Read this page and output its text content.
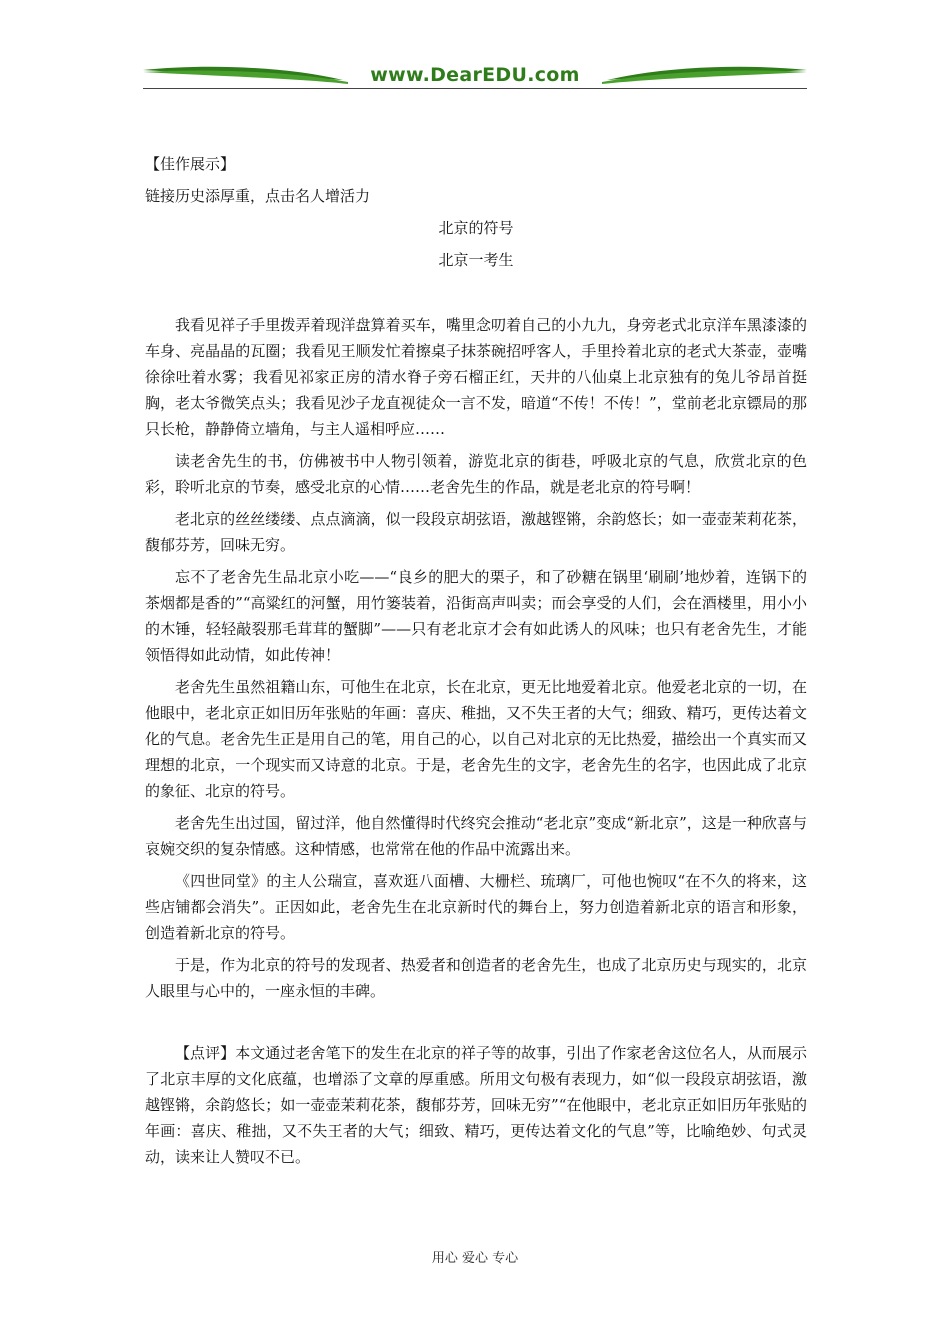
www.DearEDU.com

【佳作展示】

链接历史添厚重，点击名人增活力

北京的符号

北京一考生

我看见祥子手里拨弄着现洋盘算着买车，嘴里念叨着自己的小九九，身旁老式北京洋车黑漆漆的车身、亮晶晶的瓦圈；我看见王顺发忙着擦桌子抹茶碗招呼客人，手里拎着北京的老式大茶壶，壶嘴徐徐吐着水雾；我看见祁家正房的清水脊子旁石榴正红，天井的八仙桌上北京独有的兔儿爷昂首挺胸，老太爷微笑点头；我看见沙子龙直视徒众一言不发，暗道“不传！不传！”，堂前老北京镖局的那只长枪，静静倚立墙角，与主人遥相呼应……

读老舍先生的书，仿佛被书中人物引领着，游览北京的街巷，呼吸北京的气息，欣赏北京的色彩，聆听北京的节奏，感受北京的心情……老舍先生的作品，就是老北京的符号啊！

老北京的丝丝缕缕、点点滴滴，似一段段京胡弦语，激越铿锵，余韵悠长；如一壶壶茉莉花茶，馥郁芬芳，回味无穷。

忘不了老舍先生品北京小吃——“良乡的肥大的栗子，和了砂糖在锅里‘刷刷’地炒着，连锅下的茶烟都是香的”“高粱红的河蟹，用竹篓装着，沿街高声叫卖；而会享受的人们，会在酒楼里，用小小的木锤，轻轻敲裂那毛茸茸的蟹脚”——只有老北京才会有如此诱人的风味；也只有老舍先生，才能领悟得如此动情，如此传神！

老舍先生虽然祖籍山东，可他生在北京，长在北京，更无比地爱着北京。他爱老北京的一切，在他眼中，老北京正如旧历年张贴的年画：喜庆、稚拙，又不失王者的大气；细致、精巧，更传达着文化的气息。老舍先生正是用自己的笔，用自己的心，以自己对北京的无比热爱，描绘出一个真实而又理想的北京，一个现实而又诗意的北京。于是，老舍先生的文字，老舍先生的名字，也因此成了北京的象征、北京的符号。

老舍先生出过国，留过洋，他自然懂得时代终究会推动“老北京”变成“新北京”，这是一种欣喜与哀婉交织的复杂情感。这种情感，也常常在他的作品中流露出来。

《四世同堂》的主人公瑞宣，喜欢逛八面槽、大栅栏、琉璃厂，可他也惋叹“在不久的将来，这些店铺都会消失”。正因如此，老舍先生在北京新时代的舞台上，努力创造着新北京的语言和形象，创造着新北京的符号。

于是，作为北京的符号的发现者、热爱者和创造者的老舍先生，也成了北京历史与现实的，北京人眼里与心中的，一座永恒的丰碑。

【点评】本文通过老舍笔下的发生在北京的祥子等的故事，引出了作家老舍这位名人，从而展示了北京丰厚的文化底蕴，也增添了文章的厚重感。所用文句极有表现力，如“似一段段京胡弦语，激越铿锵，余韵悠长；如一壶壶茉莉花茶，馥郁芬芳，回味无穷”“在他眼中，老北京正如旧历年张贴的年画：喜庆、稚拙，又不失王者的大气；细致、精巧，更传达着文化的气息”等，比喻绝妙、句式灵动，读来让人赞叹不已。

用心 爱心 专心
